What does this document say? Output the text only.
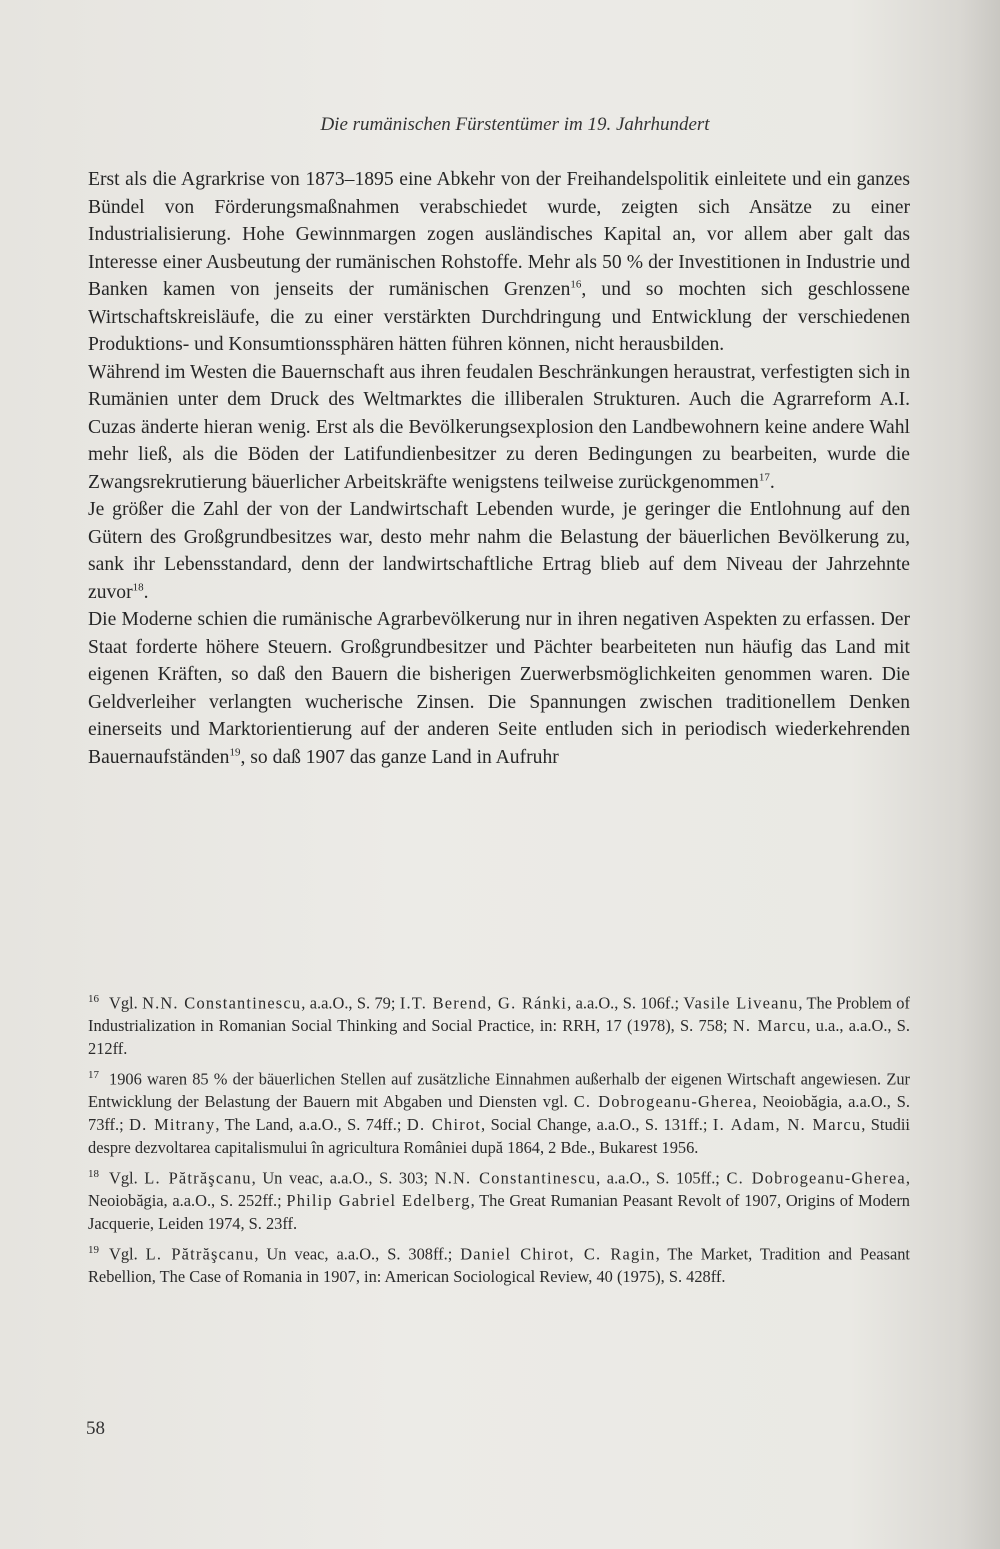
Die rumänischen Fürstentümer im 19. Jahrhundert

Erst als die Agrarkrise von 1873–1895 eine Abkehr von der Freihandelspolitik einleitete und ein ganzes Bündel von Förderungsmaßnahmen verabschiedet wurde, zeigten sich Ansätze zu einer Industrialisierung. Hohe Gewinnmargen zogen ausländisches Kapital an, vor allem aber galt das Interesse einer Ausbeutung der rumänischen Rohstoffe. Mehr als 50 % der Investitionen in Industrie und Banken kamen von jenseits der rumänischen Grenzen$^{16}$, und so mochten sich geschlossene Wirtschaftskreisläufe, die zu einer verstärkten Durchdringung und Entwicklung der verschiedenen Produktions- und Konsumtionssphären hätten führen können, nicht herausbilden.

Während im Westen die Bauernschaft aus ihren feudalen Beschränkungen heraustrat, verfestigten sich in Rumänien unter dem Druck des Weltmarktes die illiberalen Strukturen. Auch die Agrarreform A.I. Cuzas änderte hieran wenig. Erst als die Bevölkerungsexplosion den Landbewohnern keine andere Wahl mehr ließ, als die Böden der Latifundienbesitzer zu deren Bedingungen zu bearbeiten, wurde die Zwangsrekrutierung bäuerlicher Arbeitskräfte wenigstens teilweise zurückgenommen$^{17}$.

Je größer die Zahl der von der Landwirtschaft Lebenden wurde, je geringer die Entlohnung auf den Gütern des Großgrundbesitzes war, desto mehr nahm die Belastung der bäuerlichen Bevölkerung zu, sank ihr Lebensstandard, denn der landwirtschaftliche Ertrag blieb auf dem Niveau der Jahrzehnte zuvor$^{18}$.

Die Moderne schien die rumänische Agrarbevölkerung nur in ihren negativen Aspekten zu erfassen. Der Staat forderte höhere Steuern. Großgrundbesitzer und Pächter bearbeiteten nun häufig das Land mit eigenen Kräften, so daß den Bauern die bisherigen Zuerwerbsmöglichkeiten genommen waren. Die Geldverleiher verlangten wucherische Zinsen. Die Spannungen zwischen traditionellem Denken einerseits und Marktorientierung auf der anderen Seite entluden sich in periodisch wiederkehrenden Bauernaufständen$^{19}$, so daß 1907 das ganze Land in Aufruhr

$^{16}$ Vgl. N.N. Constantinescu, a.a.O., S. 79; I.T. Berend, G. Ránki, a.a.O., S. 106f.; Vasile Liveanu, The Problem of Industrialization in Romanian Social Thinking and Social Practice, in: RRH, 17 (1978), S. 758; N. Marcu, u.a., a.a.O., S. 212ff.
$^{17}$ 1906 waren 85 % der bäuerlichen Stellen auf zusätzliche Einnahmen außerhalb der eigenen Wirtschaft angewiesen. Zur Entwicklung der Belastung der Bauern mit Abgaben und Diensten vgl. C. Dobrogeanu-Gherea, Neoiobăgia, a.a.O., S. 73ff.; D. Mitrany, The Land, a.a.O., S. 74ff.; D. Chirot, Social Change, a.a.O., S. 131ff.; I. Adam, N. Marcu, Studii despre dezvoltarea capitalismului în agricultura României după 1864, 2 Bde., Bukarest 1956.
$^{18}$ Vgl. L. Pătrăşcanu, Un veac, a.a.O., S. 303; N.N. Constantinescu, a.a.O., S. 105ff.; C. Dobrogeanu-Gherea, Neoiobăgia, a.a.O., S. 252ff.; Philip Gabriel Edelberg, The Great Rumanian Peasant Revolt of 1907, Origins of Modern Jacquerie, Leiden 1974, S. 23ff.
$^{19}$ Vgl. L. Pătrăşcanu, Un veac, a.a.O., S. 308ff.; Daniel Chirot, C. Ragin, The Market, Tradition and Peasant Rebellion, The Case of Romania in 1907, in: American Sociological Review, 40 (1975), S. 428ff.
58
